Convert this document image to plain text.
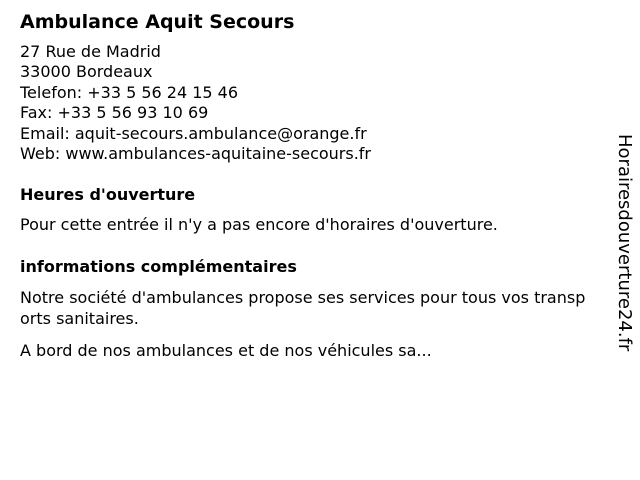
Ambulance Aquit Secours
27 Rue de Madrid
33000 Bordeaux
Telefon: +33 5 56 24 15 46
Fax: +33 5 56 93 10 69
Email: aquit-secours.ambulance@orange.fr
Web: www.ambulances-aquitaine-secours.fr
Heures d'ouverture
Pour cette entrée il n'y a pas encore d'horaires d'ouverture.
informations complémentaires
Notre société d'ambulances propose ses services pour tous vos transports sanitaires.
A bord de nos ambulances et de nos véhicules sa...	Horairesdouverture24.fr
